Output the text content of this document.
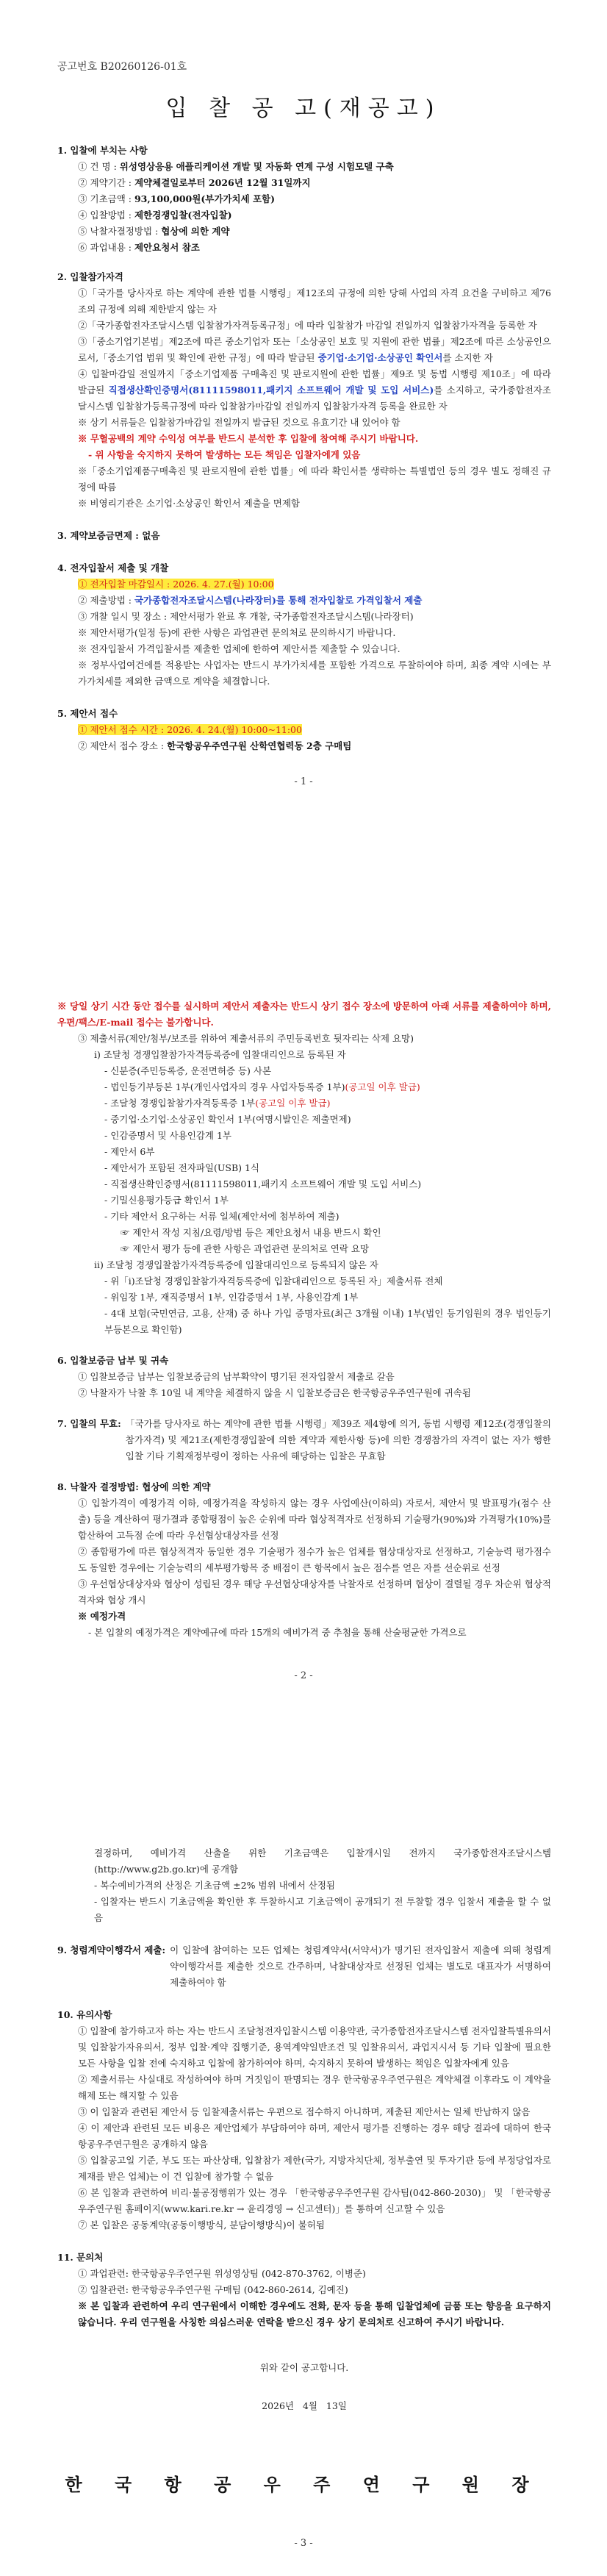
공고번호 B20260126-01호
입 찰 공 고(재공고)
1. 입찰에 부치는 사항
① 건 명 : 위성영상응용 애플리케이션 개발 및 자동화 연계 구성 시험모델 구축
② 계약기간 : 계약체결일로부터 2026년 12월 31일까지
③ 기초금액 : 93,100,000원(부가가치세 포함)
④ 입찰방법 : 제한경쟁입찰(전자입찰)
⑤ 낙찰자결정방법 : 협상에 의한 계약
⑥ 과업내용 : 제안요청서 참조
2. 입찰참가자격
①「국가를 당사자로 하는 계약에 관한 법률 시행령」제12조의 규정에 의한 당해 사업의 자격 요건을 구비하고 제76조의 규정에 의해 제한받지 않는 자
②「국가종합전자조달시스템 입찰참가자격등록규정」에 따라 입찰참가 마감일 전일까지 입찰참가자격을 등록한 자
③「중소기업기본법」제2조에 따른 중소기업자 또는「소상공인 보호 및 지원에 관한 법률」제2조에 따른 소상공인으로서,「중소기업 범위 및 확인에 관한 규정」에 따라 발급된 중기업·소기업·소상공인 확인서를 소지한 자
④ 입찰마감일 전일까지「중소기업제품 구매촉진 및 판로지원에 관한 법률」제9조 및 동법 시행령 제10조」에 따라 발급된 직접생산확인증명서(81111598011,패키지 소프트웨어 개발 및 도입 서비스)를 소지하고, 국가종합전자조달시스템 입찰참가등록규정에 따라 입찰참가마감일 전일까지 입찰참가자격 등록을 완료한 자
※ 상기 서류들은 입찰참가마감일 전일까지 발급된 것으로 유효기간 내 있어야 함
※ 무혈공백의 계약 수익성 여부를 반드시 분석한 후 입찰에 참여해 주시기 바랍니다.
- 위 사항을 숙지하지 못하여 발생하는 모든 책임은 입찰자에게 있음
※「중소기업제품구매촉진 및 판로지원에 관한 법률」에 따라 확인서를 생략하는 특별법인 등의 경우 별도 정해진 규정에 따름
※ 비영리기관은 소기업·소상공인 확인서 제출을 면제함
3. 계약보증금면제 : 없음
4. 전자입찰서 제출 및 개찰
① 전자입찰 마감일시 : 2026. 4. 27.(월) 10:00
② 제출방법 : 국가종합전자조달시스템(나라장터)를 통해 전자입찰로 가격입찰서 제출
③ 개찰 일시 및 장소 : 제안서평가 완료 후 개찰, 국가종합전자조달시스템(나라장터)
※ 제안서평가(일정 등)에 관한 사항은 과업관련 문의처로 문의하시기 바랍니다.
※ 전자입찰서 가격입찰서를 제출한 업체에 한하여 제안서를 제출할 수 있습니다.
※ 정부사업여건에를 적용받는 사업자는 반드시 부가가치세를 포함한 가격으로 투찰하여야 하며, 최종 계약 시에는 부가가치세를 제외한 금액으로 계약을 체결합니다.
5. 제안서 접수
① 제안서 접수 시간 : 2026. 4. 24.(월) 10:00~11:00
② 제안서 접수 장소 : 한국항공우주연구원 산학연협력동 2층 구매팀
- 1 -
※ 당일 상기 시간 동안 접수를 실시하며 제안서 제출자는 반드시 상기 접수 장소에 방문하여 아래 서류를 제출하여야 하며, 우편/팩스/E-mail 접수는 불가합니다.
③ 제출서류(제안/첨부/보조를 위하여 제출서류의 주민등록번호 뒷자리는 삭제 요망)
ⅰ) 조달청 경쟁입찰참가자격등록증에 입찰대리인으로 등록된 자
- 신분증(주민등록증, 운전면허증 등) 사본
- 법인등기부등본 1부(개인사업자의 경우 사업자등록증 1부)(공고일 이후 발급)
- 조달청 경쟁입찰참가자격등록증 1부(공고일 이후 발급)
- 중기업·소기업·소상공인 확인서 1부(여명시발인은 제출면제)
- 인감증명서 및 사용인감계 1부
- 제안서 6부
- 제안서가 포함된 전자파일(USB) 1식
- 직접생산확인증명서(81111598011,패키지 소프트웨어 개발 및 도입 서비스)
- 기밀신용평가등급 확인서 1부
- 기타 제안서 요구하는 서류 일체(제안서에 첨부하여 제출)
☞ 제안서 작성 지침/요령/방법 등은 제안요청서 내용 반드시 확인
☞ 제안서 평가 등에 관한 사항은 과업관련 문의처로 연락 요망
ⅱ) 조달청 경쟁입찰참가자격등록증에 입찰대리인으로 등록되지 않은 자
- 위「ⅰ)조달청 경쟁입찰참가자격등록증에 입찰대리인으로 등록된 자」제출서류 전체
- 위임장 1부, 재직증명서 1부, 인감증명서 1부, 사용인감계 1부
- 4대 보험(국민연금, 고용, 산재) 중 하나 가입 증명자료(최근 3개월 이내) 1부(법인 등기임원의 경우 법인등기부등본으로 확인함)
6. 입찰보증금 납부 및 귀속
① 입찰보증금 납부는 입찰보증금의 납부확약이 명기된 전자입찰서 제출로 갈음
② 낙찰자가 낙찰 후 10일 내 계약을 체결하지 않을 시 입찰보증금은 한국항공우주연구원에 귀속됨
7. 입찰의 무효: 「국가를 당사자로 하는 계약에 관한 법률 시행령」제39조 제4항에 의거, 동법 시행령 제12조(경쟁입찰의 참가자격) 및 제21조(제한경쟁입찰에 의한 계약과 제한사항 등)에 의한 경쟁참가의 자격이 없는 자가 행한 입찰 기타 기획재정부령이 정하는 사유에 해당하는 입찰은 무효함
8. 낙찰자 결정방법: 협상에 의한 계약
① 입찰가격이 예정가격 이하, 예정가격을 작성하지 않는 경우 사업예산(이하의) 자로서, 제안서 및 발표평가(점수 산출) 등을 계산하여 평가결과 종합평점이 높은 순위에 따라 협상적격자로 선정하되 기술평가(90%)와 가격평가(10%)를 합산하여 고득점 순에 따라 우선협상대상자를 선정
② 종합평가에 따른 협상적격자 동일한 경우 기술평가 점수가 높은 업체를 협상대상자로 선정하고, 기술능력 평가점수도 동일한 경우에는 기술능력의 세부평가항목 중 배점이 큰 항목에서 높은 점수를 얻은 자를 선순위로 선정
③ 우선협상대상자와 협상이 성립된 경우 해당 우선협상대상자를 낙찰자로 선정하며 협상이 결렬될 경우 차순위 협상적격자와 협상 개시
※ 예정가격
- 본 입찰의 예정가격은 계약예규에 따라 15개의 예비가격 중 추첨을 통해 산술평균한 가격으로
- 2 -
결정하며, 예비가격 산출을 위한 기초금액은 입찰개시일 전까지 국가종합전자조달시스템(http://www.g2b.go.kr)에 공개함
- 복수예비가격의 산정은 기초금액 ±2% 범위 내에서 산정됨
- 입찰자는 반드시 기초금액을 확인한 후 투찰하시고 기초금액이 공개되기 전 투찰할 경우 입찰서 제출을 할 수 없음
9. 청렴계약이행각서 제출: 이 입찰에 참여하는 모든 업체는 청렴계약서(서약서)가 명기된 전자입찰서 제출에 의해 청렴계약이행각서를 제출한 것으로 간주하며, 낙찰대상자로 선정된 업체는 별도로 대표자가 서명하여 제출하여야 함
10. 유의사항
① 입찰에 참가하고자 하는 자는 반드시 조달청전자입찰시스템 이용약관, 국가종합전자조달시스템 전자입찰특별유의서 및 입찰참가자유의서, 정부 입찰·계약 집행기준, 용역계약일반조건 및 입찰유의서, 과업지시서 등 기타 입찰에 필요한 모든 사항을 입찰 전에 숙지하고 입찰에 참가하여야 하며, 숙지하지 못하여 발생하는 책임은 입찰자에게 있음
② 제출서류는 사실대로 작성하여야 하며 거짓임이 판명되는 경우 한국항공우주연구원은 계약체결 이후라도 이 계약을 해제 또는 해지할 수 있음
③ 이 입찰과 관련된 제안서 등 입찰제출서류는 우편으로 접수하지 아니하며, 제출된 제안서는 일체 반납하지 않음
④ 이 제안과 관련된 모든 비용은 제안업체가 부담하여야 하며, 제안서 평가를 진행하는 경우 해당 결과에 대하여 한국항공우주연구원은 공개하지 않음
⑤ 입찰공고일 기준, 부도 또는 파산상태, 입찰참가 제한(국가, 지방자치단체, 정부출연 및 투자기관 등에 부정당업자로 제재를 받은 업체)는 이 건 입찰에 참가할 수 없음
⑥ 본 입찰과 관련하여 비리·불공정행위가 있는 경우 「한국항공우주연구원 감사팀(042-860-2030)」 및 「한국항공우주연구원 홈페이지(www.kari.re.kr → 윤리경영 → 신고센터)」를 통하여 신고할 수 있음
⑦ 본 입찰은 공동계약(공동이행방식, 분담이행방식)이 불허됨
11. 문의처
① 과업관련: 한국항공우주연구원 위성영상팀 (042-870-3762, 이병준)
② 입찰관련: 한국항공우주연구원 구매팀 (042-860-2614, 김예진)
※ 본 입찰과 관련하여 우리 연구원에서 이해한 경우에도 전화, 문자 등을 통해 입찰업체에 금품 또는 향응을 요구하지 않습니다. 우리 연구원을 사칭한 의심스러운 연락을 받으신 경우 상기 문의처로 신고하여 주시기 바랍니다.
위와 같이 공고합니다.
2026년   4월   13일
한 국 항 공 우 주 연 구 원 장
- 3 -
